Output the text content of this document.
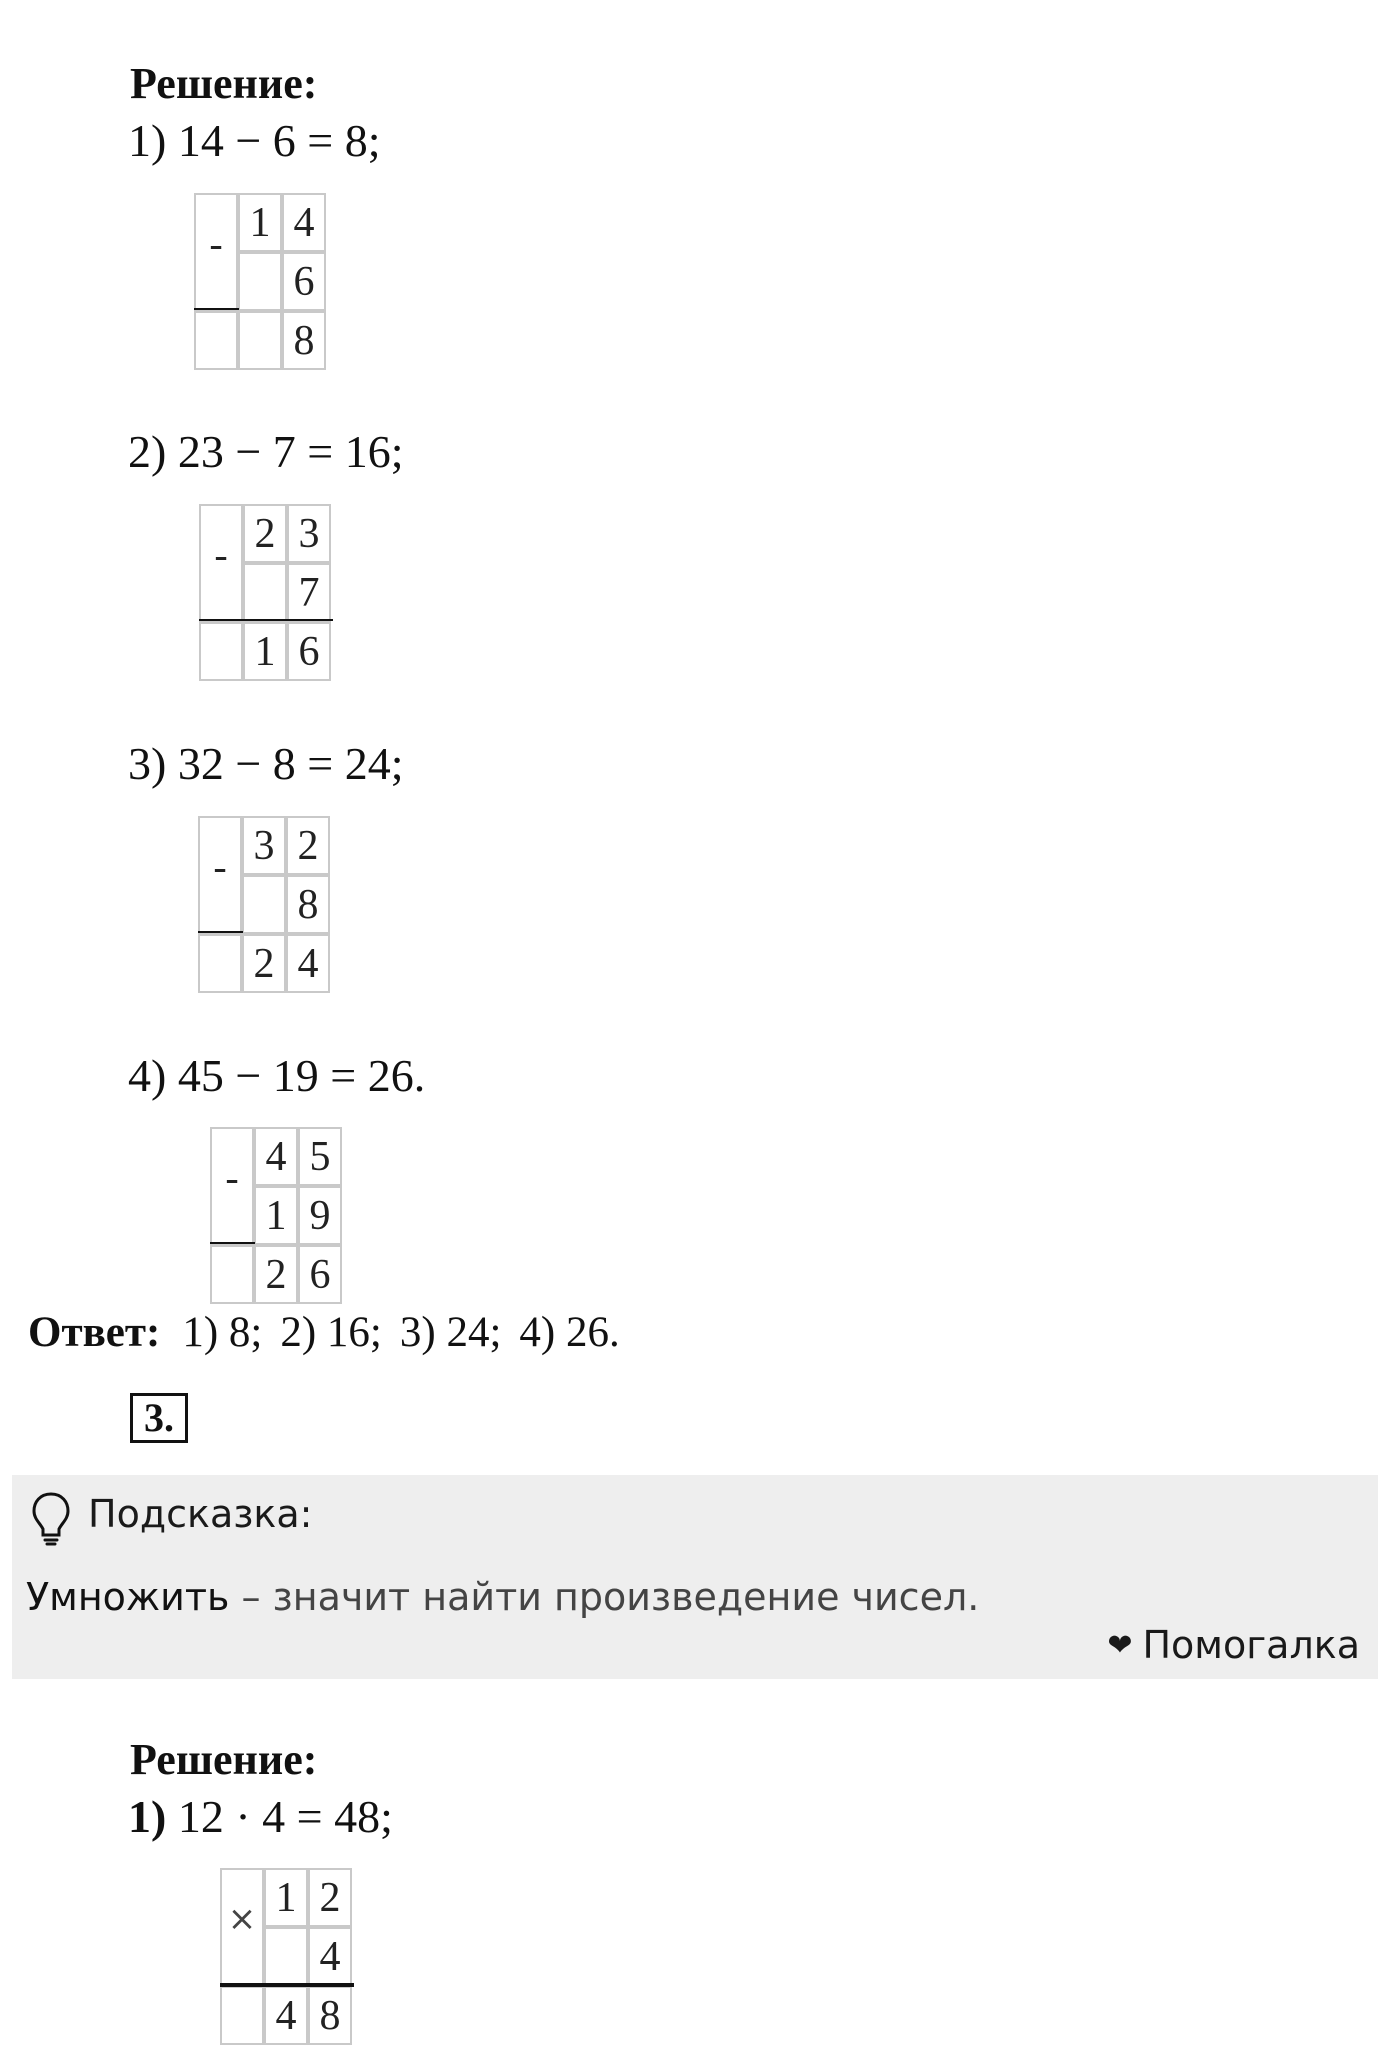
Решение:
1) 14 − 6 = 8;
- 1 4
6
8
2) 23 − 7 = 16;
- 2 3
7
1 6
3) 32 − 8 = 24;
- 3 2
8
2 4
4) 45 − 19 = 26.
- 4 5
1 9
2 6
Ответ: 1) 8; 2) 16; 3) 24; 4) 26.
3.
Подсказка:
Умножить – значит найти произведение чисел.
❤ Помогалка
Решение:
1) 12 · 4 = 48;
× 1 2
4
4 8
